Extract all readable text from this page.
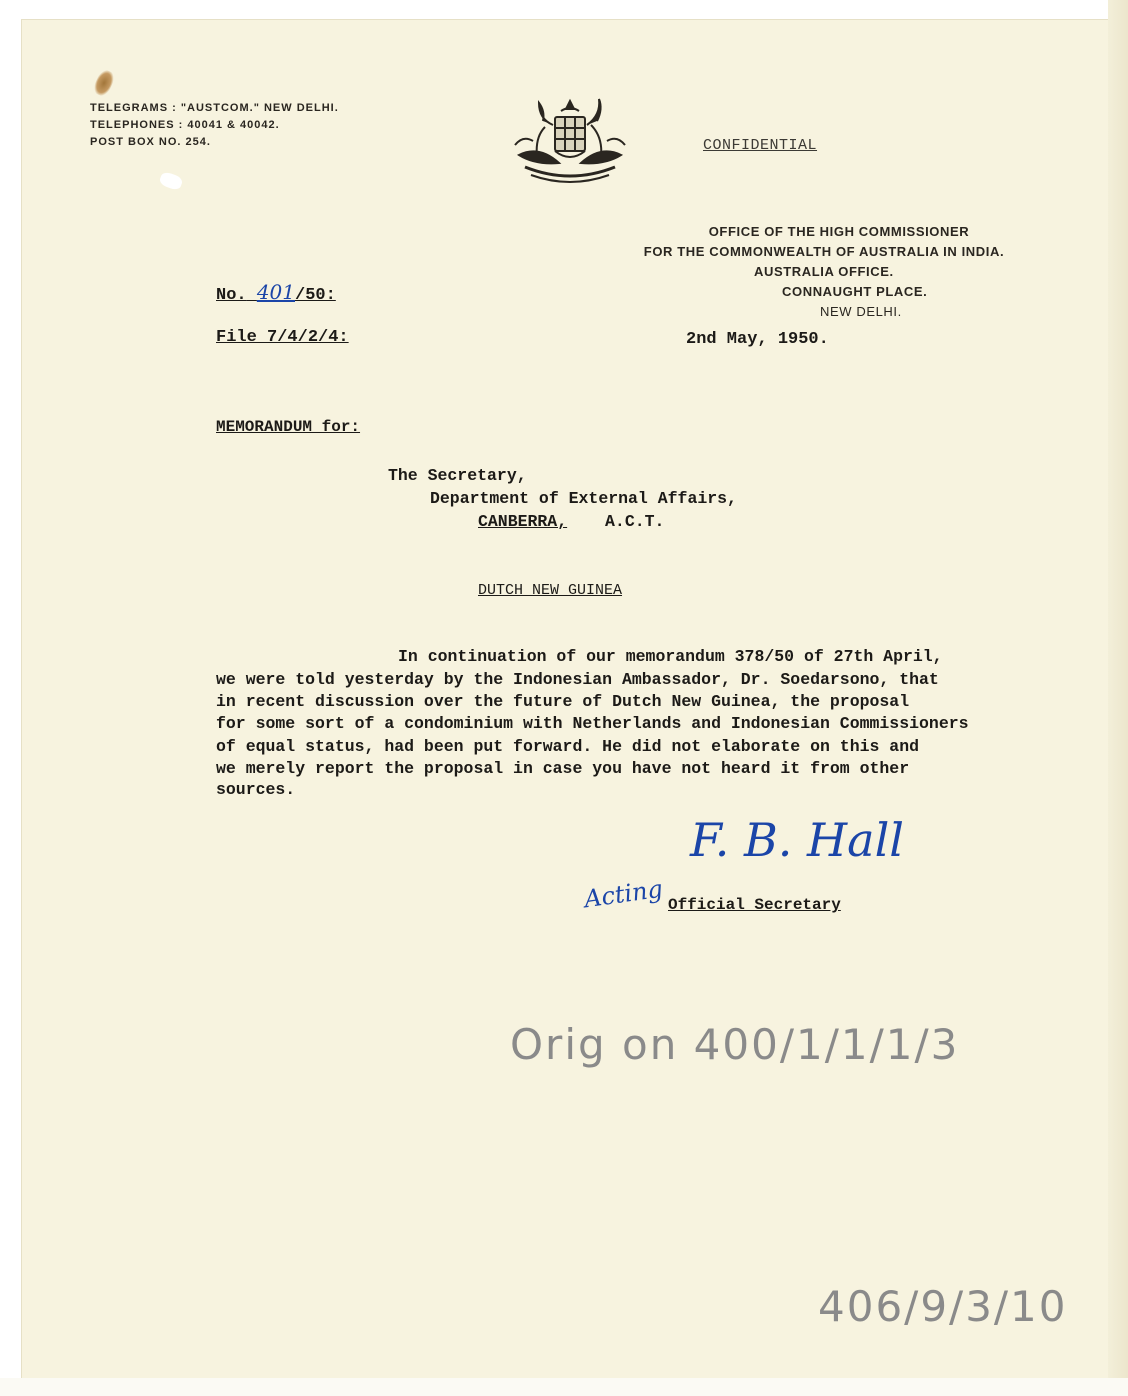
TELEGRAMS : "AUSTCOM." NEW DELHI.
TELEPHONES : 40041 & 40042.
POST BOX NO. 254.	CONFIDENTIAL
OFFICE OF THE HIGH COMMISSIONER
FOR THE COMMONWEALTH OF AUSTRALIA IN INDIA.
AUSTRALIA OFFICE.
CONNAUGHT PLACE.
NEW DELHI.
No. 401/50:
File 7/4/2/4:	2nd May, 1950.
MEMORANDUM for:
The Secretary,
Department of External Affairs,
CANBERRA, A.C.T.
DUTCH NEW GUINEA
In continuation of our memorandum 378/50 of 27th April,
we were told yesterday by the Indonesian Ambassador, Dr. Soedarsono, that
in recent discussion over the future of Dutch New Guinea, the proposal
for some sort of a condominium with Netherlands and Indonesian Commissioners
of equal status, had been put forward. He did not elaborate on this and
we merely report the proposal in case you have not heard it from other
sources.
F. B. Hall
Acting Official Secretary
Orig on 400/1/1/1/3
406/9/3/10
